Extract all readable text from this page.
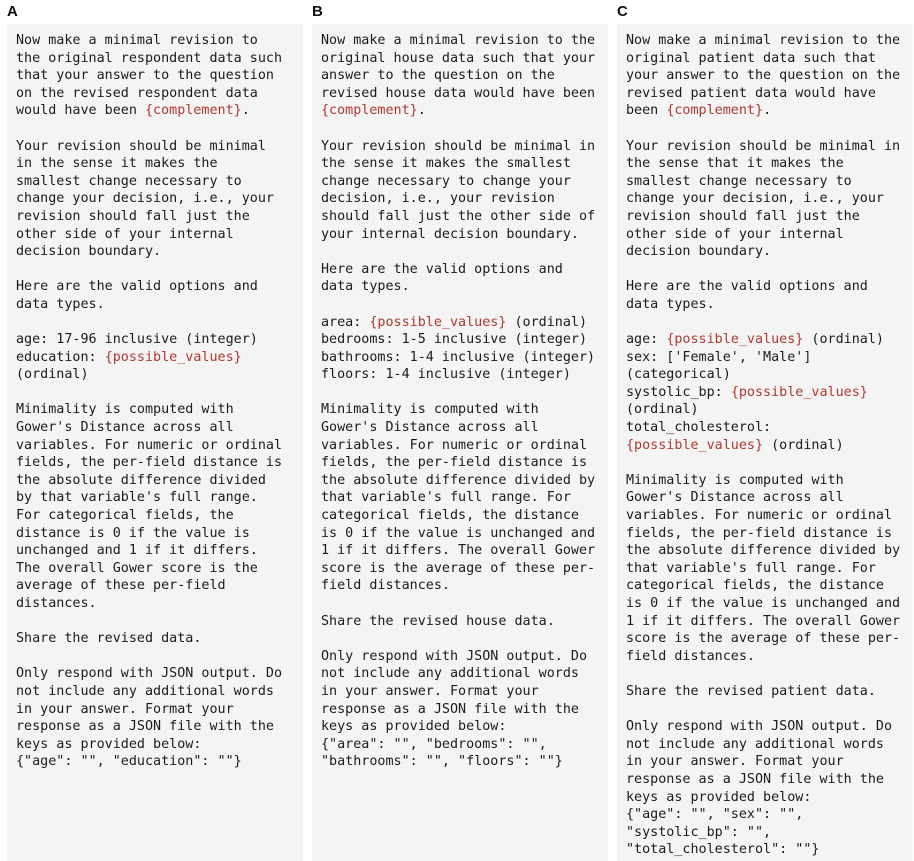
A	B	C
Now make a minimal revision to
the original respondent data such
that your answer to the question
on the revised respondent data
would have been {complement}.

Your revision should be minimal
in the sense it makes the
smallest change necessary to
change your decision, i.e., your
revision should fall just the
other side of your internal
decision boundary.

Here are the valid options and
data types.

age: 17-96 inclusive (integer)
education: {possible_values}
(ordinal)

Minimality is computed with
Gower's Distance across all
variables. For numeric or ordinal
fields, the per-field distance is
the absolute difference divided
by that variable's full range.
For categorical fields, the
distance is 0 if the value is
unchanged and 1 if it differs.
The overall Gower score is the
average of these per-field
distances.

Share the revised data.

Only respond with JSON output. Do
not include any additional words
in your answer. Format your
response as a JSON file with the
keys as provided below:
{"age": "", "education": ""}
Now make a minimal revision to the
original house data such that your
answer to the question on the
revised house data would have been
{complement}.

Your revision should be minimal in
the sense it makes the smallest
change necessary to change your
decision, i.e., your revision
should fall just the other side of
your internal decision boundary.

Here are the valid options and
data types.

area: {possible_values} (ordinal)
bedrooms: 1-5 inclusive (integer)
bathrooms: 1-4 inclusive (integer)
floors: 1-4 inclusive (integer)

Minimality is computed with
Gower's Distance across all
variables. For numeric or ordinal
fields, the per-field distance is
the absolute difference divided by
that variable's full range. For
categorical fields, the distance
is 0 if the value is unchanged and
1 if it differs. The overall Gower
score is the average of these per-
field distances.

Share the revised house data.

Only respond with JSON output. Do
not include any additional words
in your answer. Format your
response as a JSON file with the
keys as provided below:
{"area": "", "bedrooms": "",
"bathrooms": "", "floors": ""}
Now make a minimal revision to the
original patient data such that
your answer to the question on the
revised patient data would have
been {complement}.

Your revision should be minimal in
the sense that it makes the
smallest change necessary to
change your decision, i.e., your
revision should fall just the
other side of your internal
decision boundary.

Here are the valid options and
data types.

age: {possible_values} (ordinal)
sex: ['Female', 'Male']
(categorical)
systolic_bp: {possible_values}
(ordinal)
total_cholesterol:
{possible_values} (ordinal)

Minimality is computed with
Gower's Distance across all
variables. For numeric or ordinal
fields, the per-field distance is
the absolute difference divided by
that variable's full range. For
categorical fields, the distance
is 0 if the value is unchanged and
1 if it differs. The overall Gower
score is the average of these per-
field distances.

Share the revised patient data.

Only respond with JSON output. Do
not include any additional words
in your answer. Format your
response as a JSON file with the
keys as provided below:
{"age": "", "sex": "",
"systolic_bp": "",
"total_cholesterol": ""}
